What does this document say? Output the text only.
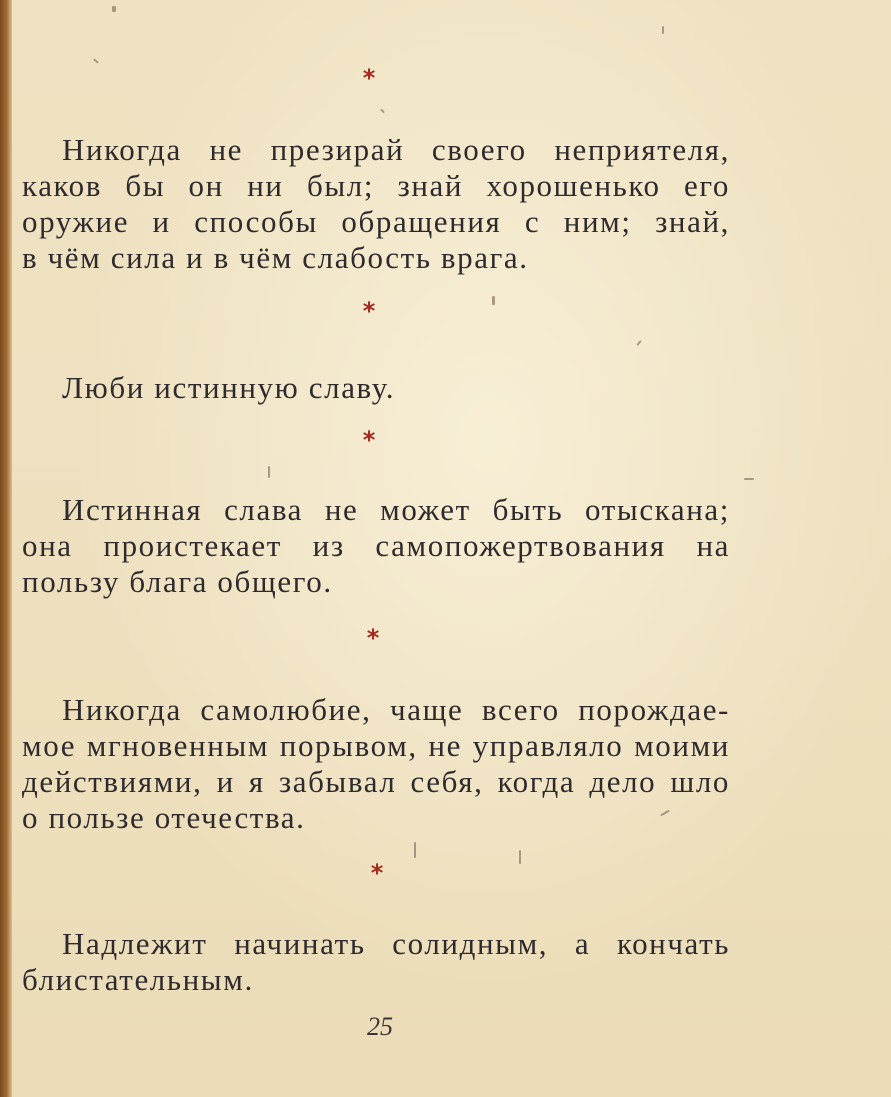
*
*
*
*
*
Никогда не презирай своего неприятеля,
каков бы он ни был; знай хорошенько его
оружие и способы обращения с ним; знай,
в чём сила и в чём слабость врага.
Люби истинную славу.
Истинная слава не может быть отыскана;
она проистекает из самопожертвования на
пользу блага общего.
Никогда самолюбие, чаще всего порождае-
мое мгновенным порывом, не управляло моими
действиями, и я забывал себя, когда дело шло
о пользе отечества.
Надлежит начинать солидным, а кончать
блистательным.
25
